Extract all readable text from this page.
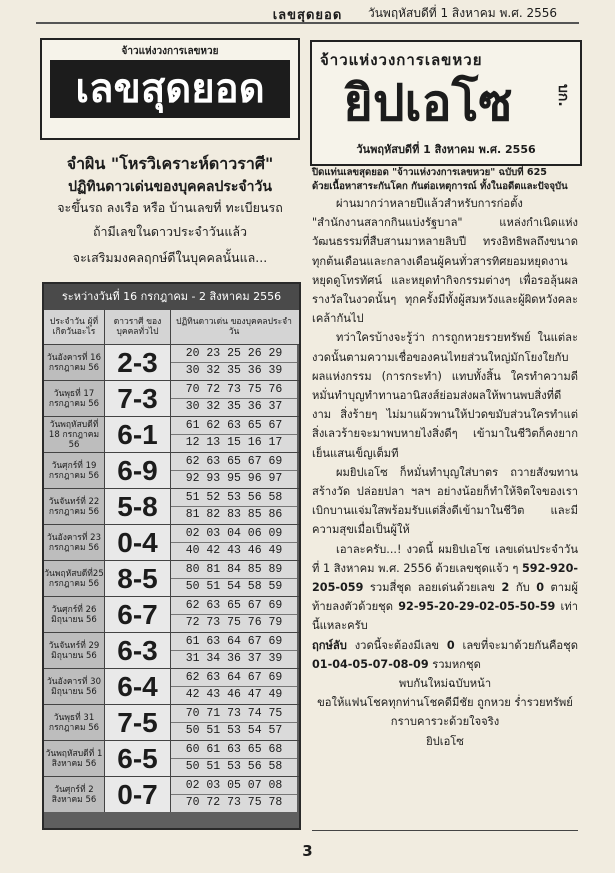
เลขสุดยอด	วันพฤหัสบดีที่ 1 สิงหาคม พ.ศ. 2556
จ้าวแห่งวงการเลขหวย
เลขสุดยอด
จำผิน "โหรวิเคราะห์ดาวราศี"
ปฏิทินดาวเด่นของบุคคลประจำวัน
จะขึ้นรถ ลงเรือ หรือ บ้านเลขที่ ทะเบียนรถ
ถ้ามีเลขในดาวประจำวันแล้ว
จะเสริมมงคลฤกษ์ดีในบุคคลนั้นแล...
ระหว่างวันที่ 16 กรกฎาคม - 2 สิงหาคม 2556
ประจำวัน ผู้ที่เกิดวันอะไร
ดาวราศี ของบุคคลทั่วไป
ปฏิทินดาวเด่น ของบุคคลประจำวัน
วันอังคารที่ 16 กรกฎาคม 56 2-3	20 23 25 26 29
30 32 35 36 39
วันพุธที่ 17 กรกฎาคม 56 7-3	70 72 73 75 76
30 32 35 36 37
วันพฤหัสบดีที่ 18 กรกฎาคม 56	6-1	61 62 63 65 67
12 13 15 16 17
วันศุกร์ที่ 19 กรกฎาคม 56 6-9	62 63 65 67 69
92 93 95 96 97
วันจันทร์ที่ 22 กรกฎาคม 56 5-8	51 52 53 56 58
81 82 83 85 86
วันอังคารที่ 23 กรกฎาคม 56 0-4	02 03 04 06 09
40 42 43 46 49
วันพฤหัสบดีที่25 กรกฎาคม 56 8-5	80 81 84 85 89
50 51 54 58 59
วันศุกร์ที่ 26 มิถุนายน 56 6-7	62 63 65 67 69
72 73 75 76 79
วันจันทร์ที่ 29 มิถุนายน 56 6-3	61 63 64 67 69
31 34 36 37 39
วันอังคารที่ 30 มิถุนายน 56 6-4	62 63 64 67 69
42 43 46 47 49
วันพุธที่ 31 กรกฎาคม 56 7-5	70 71 73 74 75
50 51 53 54 57
วันพฤหัสบดีที่ 1 สิงหาคม 56 6-5	60 61 63 65 68
50 51 53 56 58
วันศุกร์ที่ 2 สิงหาคม 56 0-7	02 03 05 07 08
70 72 73 75 78
จ้าวแห่งวงการเลขหวย
ยิปเอโซ	บก.
วันพฤหัสบดีที่ 1 สิงหาคม พ.ศ. 2556

ปิดแท่นเลขสุดยอด "จ้าวแห่งวงการเลขหวย" ฉบับที่ 625

ด้วยเนื้อหาสาระกันโคก กันต่อเหตุการณ์ ทั้งในอดีตและปัจจุบัน

ผ่านมากว่าหลายปีแล้วสำหรับการก่อตั้ง "สำนักงานสลากกินแบ่งรัฐบาล" แหล่งกำเนิดแห่งวัฒนธรรมที่สืบสานมาหลายลิบปี ทรงอิทธิพลถึงขนาดทุกต้นเดือนและกลางเดือนผู้คนทั่วสารทิศยอมหยุดงานหยุดดูโทรทัศน์ และหยุดทำกิจกรรมต่างๆ เพื่อรอลุ้นผลรางวัลในงวดนั้นๆ ทุกครั้งมีทั้งผู้สมหวังและผู้ผิดหวังคละเคล้ากันไป

ทว่าใครบ้างจะรู้ว่า การถูกหวยรวยทรัพย์ ในแต่ละงวดนั้นตามความเชื่อของคนไทยส่วนใหญ่มักโยงใยกับผลแห่งกรรม (การกระทำ) แทบทั้งสิ้น ใครทำความดีหมั่นทำบุญทำทานอานิสงส์ย่อมส่งผลให้พานพบสิ่งที่ดีงาม สิ่งร้ายๆ ไม่มาแผ้วพานให้ปวดขมับส่วนใครทำแต่สิ่งเลวร้ายจะมาพบหายไงสิ่งดีๆ เข้ามาในชีวิตก็คงยากเย็นแสนเข็ญเต็มที

ผมยิปเอโซ ก็หมั่นทำบุญใส่บาตร ถวายสังฆทาน สร้างวัด ปล่อยปลา ฯลฯ อย่างน้อยก็ทำให้จิตใจของเราเบิกบานแจ่มใสพร้อมรับแต่สิ่งดีเข้ามาในชีวิต และมีความสุขเมื่อเป็นผู้ให้

เอาละครับ...! งวดนี้ ผมยิปเอโซ เลขเด่นประจำวันที่ 1 สิงหาคม พ.ศ. 2556 ด้วยเลขชุดแจ้ว ๆ 592-920-205-059 รวมสี่ชุด ลอยเด่นด้วยเลข 2 กับ 0 ตามผู้ท้ายลงตัวด้วยชุด 92-95-20-29-02-05-50-59 เท่านี้แหละครับ

ฤกษ์ลับ งวดนี้จะต้องมีเลข 0 เลขที่จะมาด้วยกันคือชุด 01-04-05-07-08-09 รวมหกชุด

พบกันใหม่ฉบับหน้า

ขอให้แฟนโชคทุกท่านโชคดีมีชัย ถูกหวย ร่ำรวยทรัพย์

กราบคารวะด้วยใจจริง

ยิปเอโซ

3
